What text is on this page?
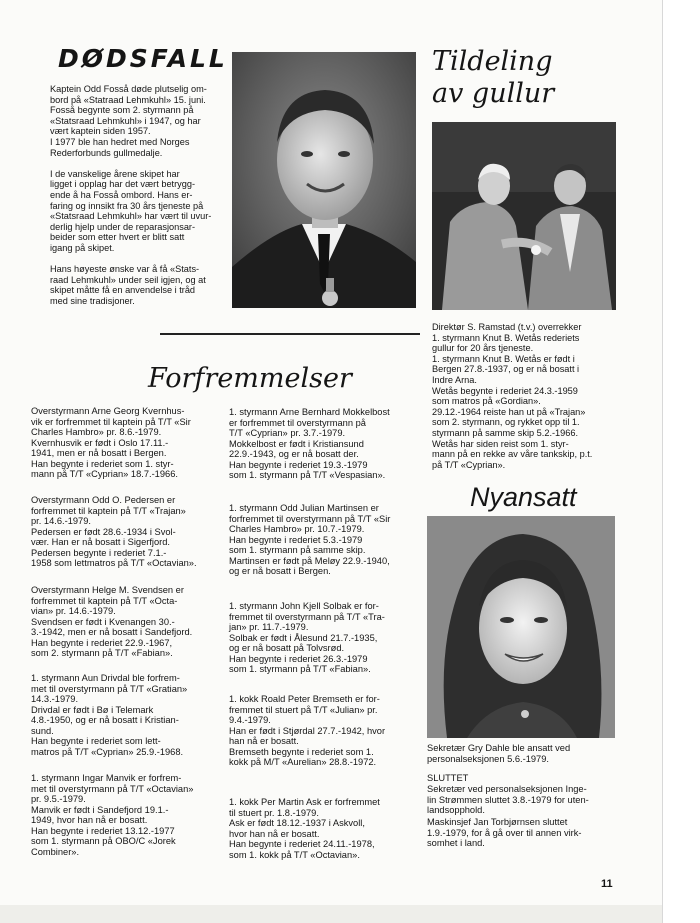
DØDSFALL
Kaptein Odd Fosså døde plutselig om-
bord på «Statraad Lehmkuhl» 15. juni.
Fosså begynte som 2. styrmann på
«Statsraad Lehmkuhl» i 1947, og har
vært kaptein siden 1957.
I 1977 ble han hedret med Norges
Rederforbunds gullmedalje.

I de vanskelige årene skipet har
ligget i opplag har det vært betrygg-
ende å ha Fosså ombord. Hans er-
faring og innsikt fra 30 års tjeneste på
«Statsraad Lehmkuhl» har vært til uvur-
derlig hjelp under de reparasjonsar-
beider som etter hvert er blitt satt
igang på skipet.

Hans høyeste ønske var å få «Stats-
raad Lehmkuhl» under seil igjen, og at
skipet måtte få en anvendelse i tråd
med sine tradisjoner.
Tildeling
av gullur
Direktør S. Ramstad (t.v.) overrekker
1. styrmann Knut B. Wetås rederiets
gullur for 20 års tjeneste.
1. styrmann Knut B. Wetås er født i
Bergen 27.8.-1937, og er nå bosatt i
Indre Arna.
Wetås begynte i rederiet 24.3.-1959
som matros på «Gordian».
29.12.-1964 reiste han ut på «Trajan»
som 2. styrmann, og rykket opp til 1.
styrmann på samme skip 5.2.-1966.
Wetås har siden reist som 1. styr-
mann på en rekke av våre tankskip, p.t.
på T/T «Cyprian».
Forfremmelser
Overstyrmann Arne Georg Kvernhus-
vik er forfremmet til kaptein på T/T «Sir
Charles Hambro» pr. 8.6.-1979.
Kvernhusvik er født i Oslo 17.11.-
1941, men er nå bosatt i Bergen.
Han begynte i rederiet som 1. styr-
mann på T/T «Cyprian» 18.7.-1966.
Overstyrmann Odd O. Pedersen er
forfremmet til kaptein på T/T «Trajan»
pr. 14.6.-1979.
Pedersen er født 28.6.-1934 i Svol-
vær. Han er nå bosatt i Sigerfjord.
Pedersen begynte i rederiet 7.1.-
1958 som lettmatros på T/T «Octavian».
Overstyrmann Helge M. Svendsen er
forfremmet til kaptein på T/T «Octa-
vian» pr. 14.6.-1979.
Svendsen er født i Kvenangen 30.-
3.-1942, men er nå bosatt i Sandefjord.
Han begynte i rederiet 22.9.-1967,
som 2. styrmann på T/T «Fabian».
1. styrmann Aun Drivdal ble forfrem-
met til overstyrmann på T/T «Gratian»
14.3.-1979.
Drivdal er født i Bø i Telemark
4.8.-1950, og er nå bosatt i Kristian-
sund.
Han begynte i rederiet som lett-
matros på T/T «Cyprian» 25.9.-1968.
1. styrmann Ingar Manvik er forfrem-
met til overstyrmann på T/T «Octavian»
pr. 9.5.-1979.
Manvik er født i Sandefjord 19.1.-
1949, hvor han nå er bosatt.
Han begynte i rederiet 13.12.-1977
som 1. styrmann på OBO/C «Jorek
Combiner».
1. styrmann Arne Bernhard Mokkelbost
er forfremmet til overstyrmann på
T/T «Cyprian» pr. 3.7.-1979.
Mokkelbost er født i Kristiansund
22.9.-1943, og er nå bosatt der.
Han begynte i rederiet 19.3.-1979
som 1. styrmann på T/T «Vespasian».
1. styrmann Odd Julian Martinsen er
forfremmet til overstyrmann på T/T «Sir
Charles Hambro» pr. 10.7.-1979.
Han begynte i rederiet 5.3.-1979
som 1. styrmann på samme skip.
Martinsen er født på Meløy 22.9.-1940,
og er nå bosatt i Bergen.
1. styrmann John Kjell Solbak er for-
fremmet til overstyrmann på T/T «Tra-
jan» pr. 11.7.-1979.
Solbak er født i Ålesund 21.7.-1935,
og er nå bosatt på Tolvsrød.
Han begynte i rederiet 26.3.-1979
som 1. styrmann på T/T «Fabian».
1. kokk Roald Peter Bremseth er for-
fremmet til stuert på T/T «Julian» pr.
9.4.-1979.
Han er født i Stjørdal 27.7.-1942, hvor
han nå er bosatt.
Bremseth begynte i rederiet som 1.
kokk på M/T «Aurelian» 28.8.-1972.
1. kokk Per Martin Ask er forfremmet
til stuert pr. 1.8.-1979.
Ask er født 18.12.-1937 i Askvoll,
hvor han nå er bosatt.
Han begynte i rederiet 24.11.-1978,
som 1. kokk på T/T «Octavian».
Nyansatt
Sekretær Gry Dahle ble ansatt ved
personalseksjonen 5.6.-1979.
SLUTTET
Sekretær ved personalseksjonen Inge-
lin Strømmen sluttet 3.8.-1979 for uten-
landsopphold.
Maskinsjef Jan Torbjørnsen sluttet
1.9.-1979, for å gå over til annen virk-
somhet i land.
11
